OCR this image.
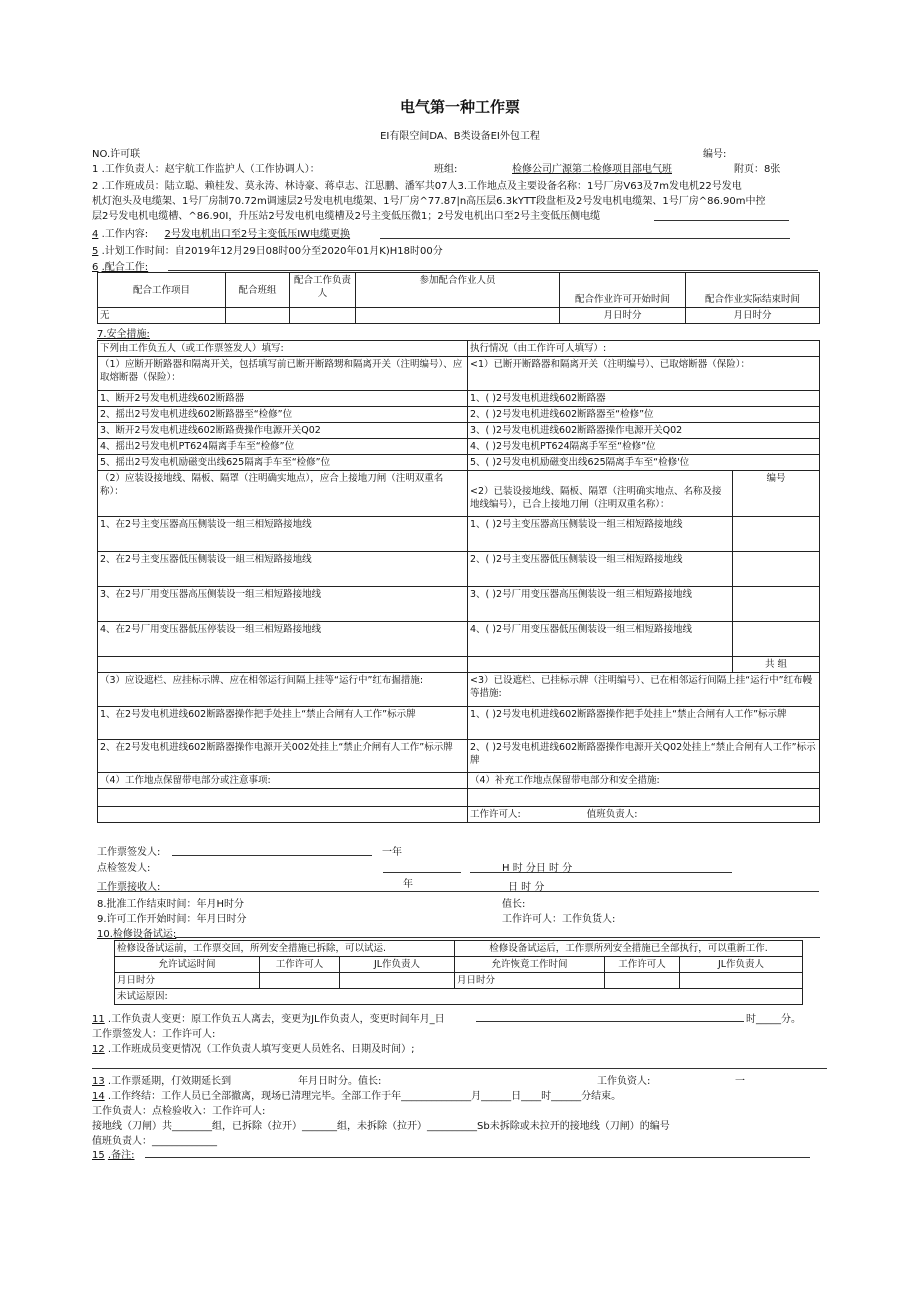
电气第一种工作票
EI有限空间DA、B类设备EI外包工程
NO.许可联	编号:
1 .工作负责人：赵宇航工作监护人（工作协调人）：	班组:	检修公司广源第二检修项目部电气班	附页：8张
2 .工作班成员：陆立聪、赖桂发、莫永涛、林诗豪、蒋卓志、江思鹏、潘军共07人3.工作地点及主要设备名称：1号厂房V63及7m发电机22号发电
机灯泡头及电缆架、1号厂房制70.72m调速层2号发电机电缆架、1号厂房^77.87|n高压层6.3kYTT段盘柜及2号发电机电缆架、1号厂房^86.90m中控
层2号发电机电缆槽、^86.90I，升压站2号发电机电缆槽及2号主变低压微1；2号发电机出口至2号主变低压侧电缆
4 .工作内容: 2号发电机出口至2号主变低压IW电缆更换
5 .计划工作时间：自2019年12月29日08时00分至2020年01月K)H18时00分
6 .配合工作:
配合工作项目	配合班组	配合工作负责人	参加配合作业人员	配合作业许可开始时间	配合作业实际结束时间
无				月日时分	月日时分
7.安全措施:
下列由工作负五人（或工作票签发人）填写:	执行情况（由工作许可人填写）:	
（1）应断开断路器和隔离开关，包括填写前已断开断路甥和隔离开关（注明编号）、应取熔断器（保险）：	<1）已断开断路器和隔离开关（注明编号）、已取熔断器（保险）：	
1、断开2号发电机进线602断路器	1、( )2号发电机进线602断路器	
2、摇出2号发电机进线602断路器至“检修”位	2、( )2号发电机进线602断路器至“检修”位	
3、断开2号发电机进线602断路费操作电源开关Q02	3、( )2号发电机进线602断路器操作电源开关Q02	
4、摇出2号发电机PT624隔离手车至“检修”位	4、( )2号发电机PT624隔离手军至“检修”位	
5、摇出2号发电机励磁变出线625隔离手车至“检修”位	5、( )2号发电机励磁变出线625隔离手车至“检修'位	
（2）应装设接地线、隔板、隔罩（注明确实地点），应合上接地刀闸（注明双重名称）：	<2）已装设接地线、隔板、隔罩（注明确实地点、名称及接地线编号），已合上接地刀闸（注明双重名称）：	编号
1、在2号主变压器高压侧装设一组三相短路接地线	1、( )2号主变压器高压侧装设一组三相短路接地线	
2、在2号主变压器低压侧装设一組三相短路接地线	2、( )2号主变压器低压侧装设一组三相短路接地线	
3、在2号厂用变压器高压侧装设一组三相短路接地线	3、( )2号厂用变压器高压侧装设一组三相短路接地线	
4、在2号厂用变压器低压停装设一组三相短路接地线	4、( )2号厂用变压器低压侧装设一组三相短路接地线	
		共 组
（3）应设遮栏、应挂标示牌、应在相邻运行间隔上挂等“运行中”红布掘措施:	<3）已设遮栏、已挂标示牌（注明编号）、已在相邻运行间隔上挂“运行中”红布幔等措施:	
1、在2号发电机进线602断路器操作把手处挂上“禁止合闸有人工作”标示牌	1、( )2号发电机进线602断路器操作把手处挂上“禁止合闸有人工作”标示牌	
2、在2号发电机进线602断路器操作电源开关002处挂上“禁止介闸有人工作”标示牌	2、( )2号发电机进线602断路器操作电源开关Q02处挂上“禁止合闸有人工作”标示牌	
（4）工作地点保留带电部分或注意事项:	（4）补充工作地点保留带电部分和安全措施:	

	工作许可人: 值班负责人:	
工作票签发人:	一年
点检签发人:	H 时 分日 时 分
年
工作票接收人:	日 时 分
8.批准工作结束时间：年月H时分	值长:
9.许可工作开始时间：年月曰时分	工作许可人：工作负货人:
10.检修设备试运:
检修设备试运前，工作票交回，所列安全措施已拆除，可以试运.			检修设备试运后，工作票所列安全措施已全部执行，可以重新工作.		
允许试运时间	工作许可人	JL作负责人	允许恢竟工作时间	工作许可人	JL作负责人
月日时分			月日时分		
未试运原因:					
11 .工作负责人变更：原工作负五人离去，变更为JL作负责人，变更时间年月_日	时_____分。
工作票签发人：工作许可人:
12 .工作班成员变更情况（工作负责人填写变更人员姓名、日期及时间）;
13 .工作票延期，仃效期延长到	年月日时分。值长:	工作负资人:	一
14 .工作终结：工作人员已全部撤离，现场已清理完毕。全部工作于年______________月______日____时______分结束。
工作负责人：点检验收入：工作许可人:
接地线（刀闸）共________组，已拆除（拉开）_______组，未拆除（拉开）__________Sb未拆除或未拉开的接地线（刀闸）的编号
值班负责人：_____________
15 .备注:
